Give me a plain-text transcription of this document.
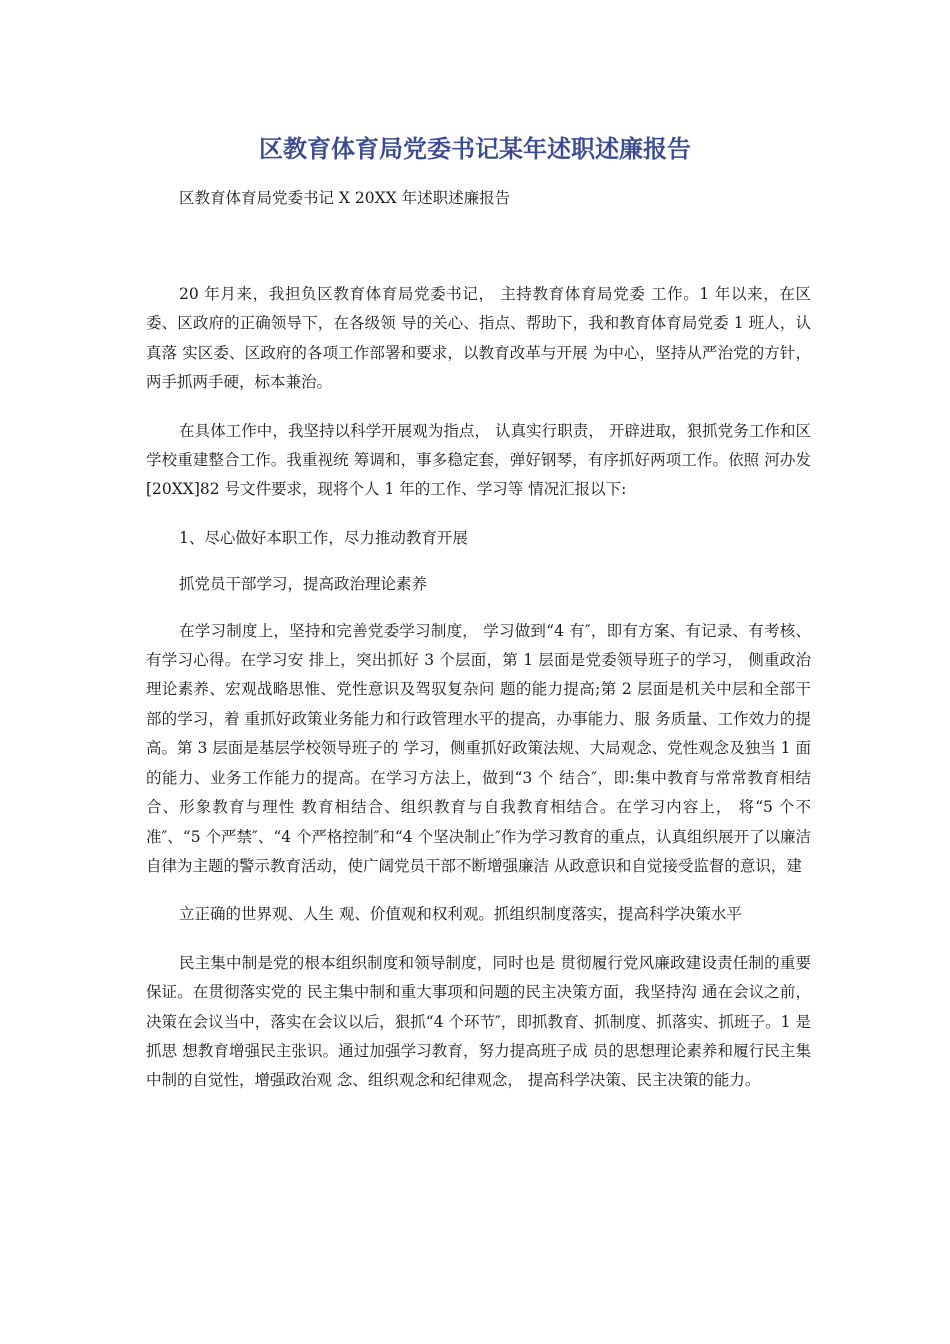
区教育体育局党委书记某年述职述廉报告
区教育体育局党委书记 X 20XX 年述职述廉报告

20 年月来，我担负区教育体育局党委书记， 主持教育体育局党委 工作。1 年以来，在区委、区政府的正确领导下，在各级领 导的关心、指点、帮助下，我和教育体育局党委 1 班人，认真落 实区委、区政府的各项工作部署和要求，以教育改革与开展 为中心，坚持从严治党的方针，两手抓两手硬，标本兼治。

在具体工作中，我坚持以科学开展观为指点， 认真实行职责， 开辟进取，狠抓党务工作和区学校重建整合工作。我重视统 筹调和，事多稳定套，弹好钢琴，有序抓好两项工作。依照 河办发[20XX]82 号文件要求，现将个人 1 年的工作、学习等 情况汇报以下:

1、尽心做好本职工作，尽力推动教育开展

抓党员干部学习，提高政治理论素养

在学习制度上，坚持和完善党委学习制度， 学习做到“4 有″，即有方案、有记录、有考核、有学习心得。在学习安 排上，突出抓好 3 个层面，第 1 层面是党委领导班子的学习， 侧重政治理论素养、宏观战略思惟、党性意识及驾驭复杂问 题的能力提高;第 2 层面是机关中层和全部干部的学习，着 重抓好政策业务能力和行政管理水平的提高，办事能力、服 务质量、工作效力的提高。第 3 层面是基层学校领导班子的 学习，侧重抓好政策法规、大局观念、党性观念及独当 1 面 的能力、业务工作能力的提高。在学习方法上，做到“3 个 结合″，即:集中教育与常常教育相结合、形象教育与理性 教育相结合、组织教育与自我教育相结合。在学习内容上， 将“5 个不准″、“5 个严禁″、“4 个严格控制″和“4 个坚决制止″作为学习教育的重点，认真组织展开了以廉洁 自律为主题的警示教育活动，使广阔党员干部不断增强廉洁 从政意识和自觉接受监督的意识，建

立正确的世界观、人生 观、价值观和权利观。抓组织制度落实，提高科学决策水平

民主集中制是党的根本组织制度和领导制度，同时也是 贯彻履行党风廉政建设责任制的重要保证。在贯彻落实党的 民主集中制和重大事项和问题的民主决策方面，我坚持沟 通在会议之前，决策在会议当中，落实在会议以后，狠抓“4 个环节″，即抓教育、抓制度、抓落实、抓班子。1 是抓思 想教育增强民主张识。通过加强学习教育，努力提高班子成 员的思想理论素养和履行民主集中制的自觉性，增强政治观 念、组织观念和纪律观念， 提高科学决策、民主决策的能力。
